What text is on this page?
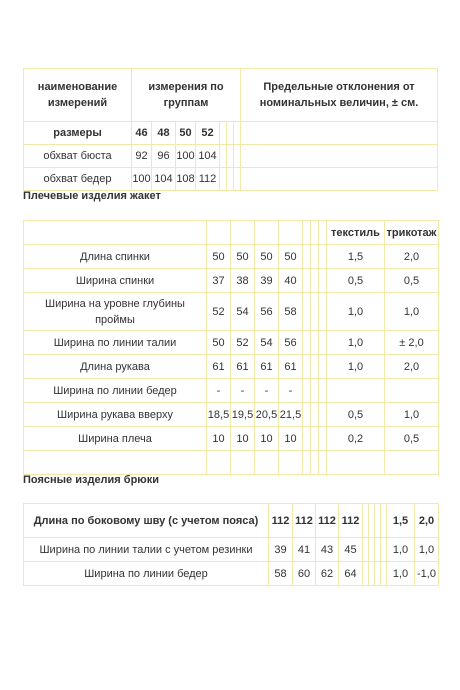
наименование измерений	измерения по группам							Предельные отклонения от номинальных величин, ± см.
размеры	46	48	50	52				
обхват бюста	92	96	100	104				
обхват бедер	100	104	108	112				
Плечевые изделия жакет
								текстиль	трикотаж
Длина спинки	50	50	50	50				1,5	2,0
Ширина спинки	37	38	39	40				0,5	0,5
Ширина на уровне глубины проймы	52	54	56	58				1,0	1,0
Ширина по линии талии	50	52	54	56				1,0	± 2,0
Длина рукава	61	61	61	61				1,0	2,0
Ширина по линии бедер	-	-	-	-					
Ширина рукава вверху	18,5	19,5	20,5	21,5				0,5	1,0
Ширина плеча	10	10	10	10				0,2	0,5

Поясные изделия брюки
Длина по боковому шву (с учетом пояса)	112	112	112	112					1,5	2,0
Ширина по линии талии с учетом резинки	39	41	43	45					1,0	1,0
Ширина по линии бедер	58	60	62	64					1,0	-1,0
